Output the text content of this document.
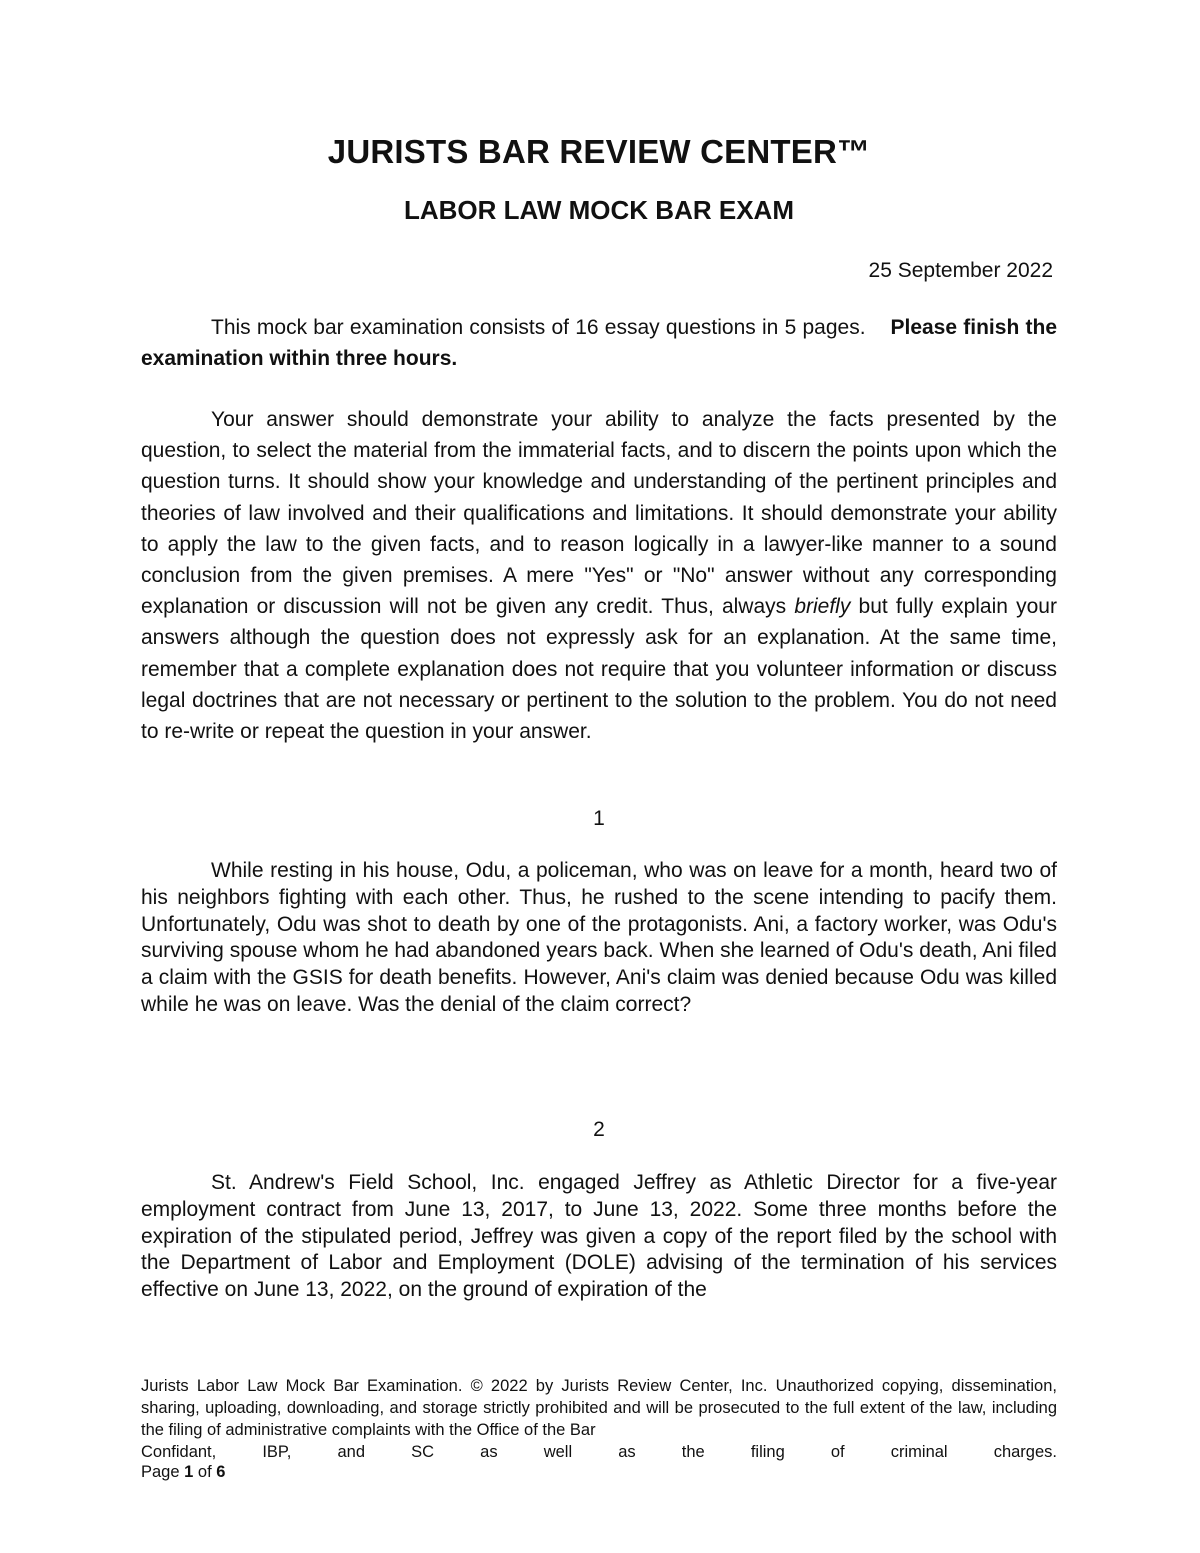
JURISTS BAR REVIEW CENTER™
LABOR LAW MOCK BAR EXAM
25 September 2022

This mock bar examination consists of 16 essay questions in 5 pages. Please finish the examination within three hours.

Your answer should demonstrate your ability to analyze the facts presented by the question, to select the material from the immaterial facts, and to discern the points upon which the question turns. It should show your knowledge and understanding of the pertinent principles and theories of law involved and their qualifications and limitations. It should demonstrate your ability to apply the law to the given facts, and to reason logically in a lawyer-like manner to a sound conclusion from the given premises. A mere "Yes" or "No" answer without any corresponding explanation or discussion will not be given any credit. Thus, always briefly but fully explain your answers although the question does not expressly ask for an explanation. At the same time, remember that a complete explanation does not require that you volunteer information or discuss legal doctrines that are not necessary or pertinent to the solution to the problem. You do not need to re-write or repeat the question in your answer.

1

While resting in his house, Odu, a policeman, who was on leave for a month, heard two of his neighbors fighting with each other. Thus, he rushed to the scene intending to pacify them. Unfortunately, Odu was shot to death by one of the protagonists. Ani, a factory worker, was Odu's surviving spouse whom he had abandoned years back. When she learned of Odu's death, Ani filed a claim with the GSIS for death benefits. However, Ani's claim was denied because Odu was killed while he was on leave. Was the denial of the claim correct?

2

St. Andrew's Field School, Inc. engaged Jeffrey as Athletic Director for a five-year employment contract from June 13, 2017, to June 13, 2022. Some three months before the expiration of the stipulated period, Jeffrey was given a copy of the report filed by the school with the Department of Labor and Employment (DOLE) advising of the termination of his services effective on June 13, 2022, on the ground of expiration of the

Jurists Labor Law Mock Bar Examination. © 2022 by Jurists Review Center, Inc. Unauthorized copying, dissemination, sharing, uploading, downloading, and storage strictly prohibited and will be prosecuted to the full extent of the law, including the filing of administrative complaints with the Office of the Bar
Confidant, IBP, and SC as well as the filing of criminal charges.

Page 1 of 6
